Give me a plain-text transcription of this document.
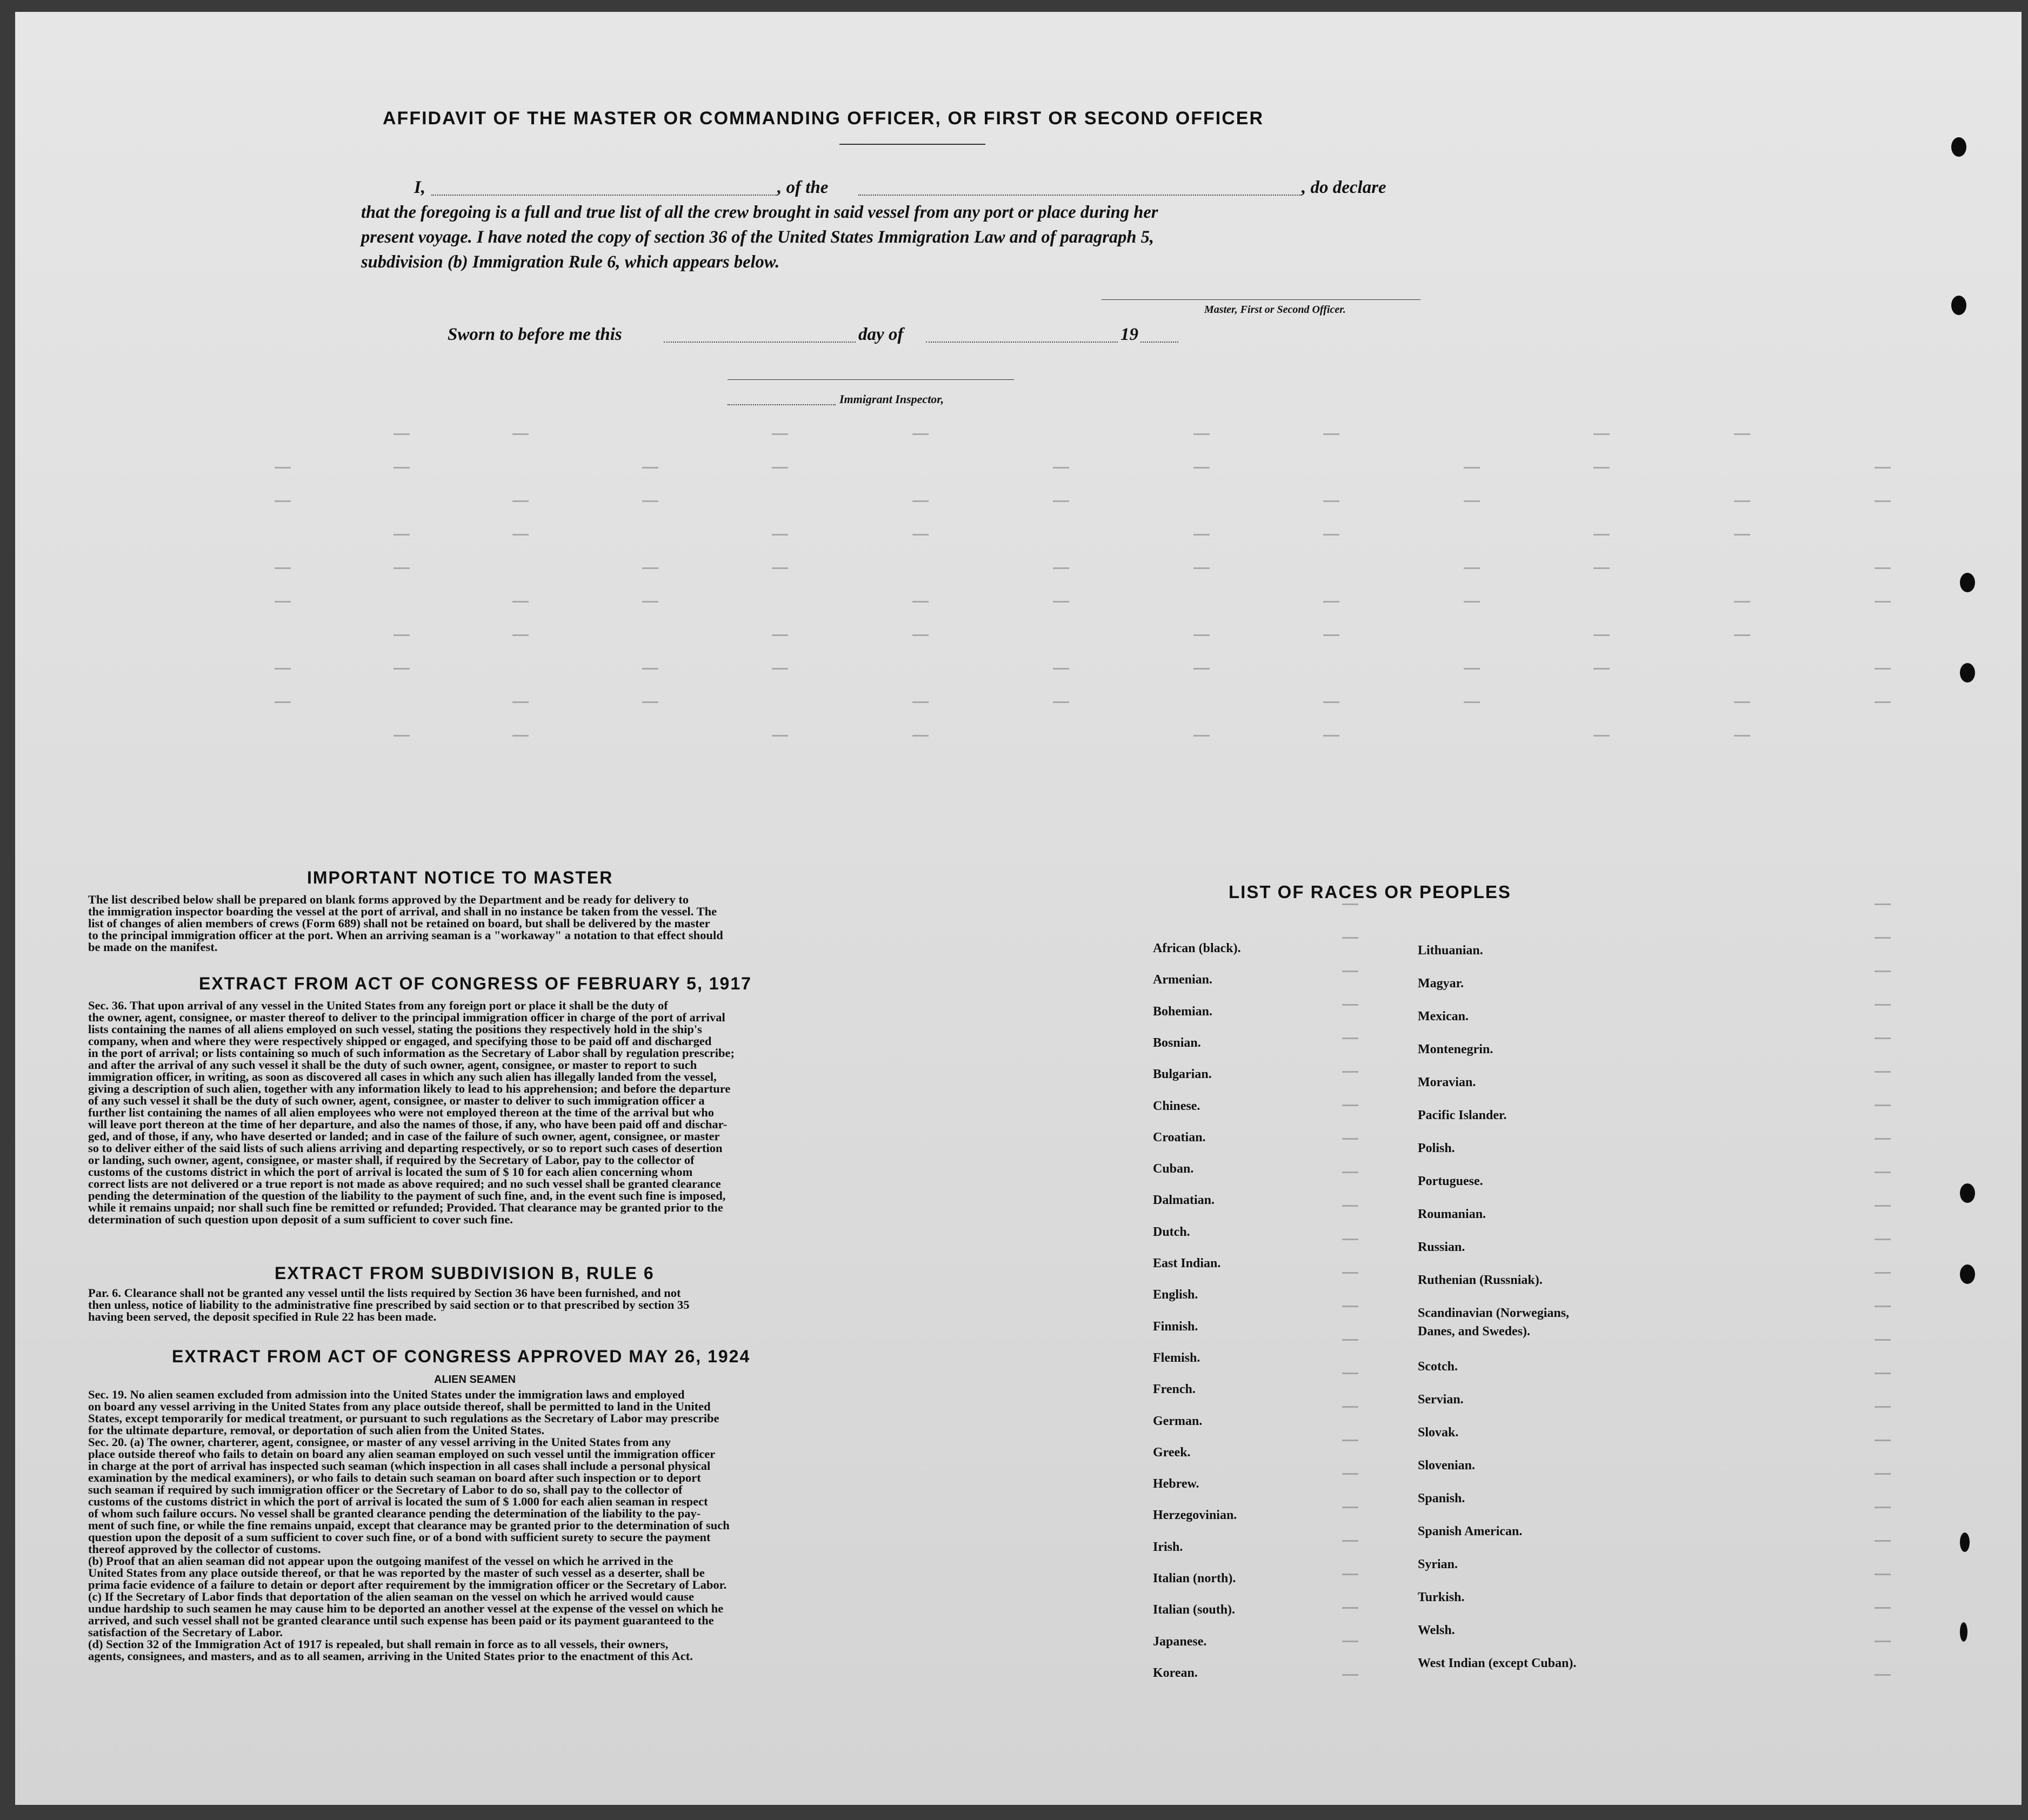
AFFIDAVIT OF THE MASTER OR COMMANDING OFFICER, OR FIRST OR SECOND OFFICER
I,	, of the	, do declare
that the foregoing is a full and true list of all the crew brought in said vessel from any port or place during her
present voyage. I have noted the copy of section 36 of the United States Immigration Law and of paragraph 5,
subdivision (b) Immigration Rule 6, which appears below.
Master, First or Second Officer.
Sworn to before me this	day of	19
Immigrant Inspector,
IMPORTANT NOTICE TO MASTER
The list described below shall be prepared on blank forms approved by the Department and be ready for delivery to
the immigration inspector boarding the vessel at the port of arrival, and shall in no instance be taken from the vessel. The
list of changes of alien members of crews (Form 689) shall not be retained on board, but shall be delivered by the master
to the principal immigration officer at the port. When an arriving seaman is a "workaway" a notation to that effect should
be made on the manifest.
EXTRACT FROM ACT OF CONGRESS OF FEBRUARY 5, 1917
Sec. 36. That upon arrival of any vessel in the United States from any foreign port or place it shall be the duty of
the owner, agent, consignee, or master thereof to deliver to the principal immigration officer in charge of the port of arrival
lists containing the names of all aliens employed on such vessel, stating the positions they respectively hold in the ship's
company, when and where they were respectively shipped or engaged, and specifying those to be paid off and discharged
in the port of arrival; or lists containing so much of such information as the Secretary of Labor shall by regulation prescribe;
and after the arrival of any such vessel it shall be the duty of such owner, agent, consignee, or master to report to such
immigration officer, in writing, as soon as discovered all cases in which any such alien has illegally landed from the vessel,
giving a description of such alien, together with any information likely to lead to his apprehension; and before the departure
of any such vessel it shall be the duty of such owner, agent, consignee, or master to deliver to such immigration officer a
further list containing the names of all alien employees who were not employed thereon at the time of the arrival but who
will leave port thereon at the time of her departure, and also the names of those, if any, who have been paid off and dischar-
ged, and of those, if any, who have deserted or landed; and in case of the failure of such owner, agent, consignee, or master
so to deliver either of the said lists of such aliens arriving and departing respectively, or so to report such cases of desertion
or landing, such owner, agent, consignee, or master shall, if required by the Secretary of Labor, pay to the collector of
customs of the customs district in which the port of arrival is located the sum of $ 10 for each alien concerning whom
correct lists are not delivered or a true report is not made as above required; and no such vessel shall be granted clearance
pending the determination of the question of the liability to the payment of such fine, and, in the event such fine is imposed,
while it remains unpaid; nor shall such fine be remitted or refunded; Provided. That clearance may be granted prior to the
determination of such question upon deposit of a sum sufficient to cover such fine.
EXTRACT FROM SUBDIVISION B, RULE 6
Par. 6. Clearance shall not be granted any vessel until the lists required by Section 36 have been furnished, and not
then unless, notice of liability to the administrative fine prescribed by said section or to that prescribed by section 35
having been served, the deposit specified in Rule 22 has been made.
EXTRACT FROM ACT OF CONGRESS APPROVED MAY 26, 1924
ALIEN SEAMEN
Sec. 19. No alien seamen excluded from admission into the United States under the immigration laws and employed
on board any vessel arriving in the United States from any place outside thereof, shall be permitted to land in the United
States, except temporarily for medical treatment, or pursuant to such regulations as the Secretary of Labor may prescribe
for the ultimate departure, removal, or deportation of such alien from the United States.
Sec. 20. (a) The owner, charterer, agent, consignee, or master of any vessel arriving in the United States from any
place outside thereof who fails to detain on board any alien seaman employed on such vessel until the immigration officer
in charge at the port of arrival has inspected such seaman (which inspection in all cases shall include a personal physical
examination by the medical examiners), or who fails to detain such seaman on board after such inspection or to deport
such seaman if required by such immigration officer or the Secretary of Labor to do so, shall pay to the collector of
customs of the customs district in which the port of arrival is located the sum of $ 1.000 for each alien seaman in respect
of whom such failure occurs. No vessel shall be granted clearance pending the determination of the liability to the pay-
ment of such fine, or while the fine remains unpaid, except that clearance may be granted prior to the determination of such
question upon the deposit of a sum sufficient to cover such fine, or of a bond with sufficient surety to secure the payment
thereof approved by the collector of customs.
(b) Proof that an alien seaman did not appear upon the outgoing manifest of the vessel on which he arrived in the
United States from any place outside thereof, or that he was reported by the master of such vessel as a deserter, shall be
prima facie evidence of a failure to detain or deport after requirement by the immigration officer or the Secretary of Labor.
(c) If the Secretary of Labor finds that deportation of the alien seaman on the vessel on which he arrived would cause
undue hardship to such seamen he may cause him to be deported an another vessel at the expense of the vessel on which he
arrived, and such vessel shall not be granted clearance until such expense has been paid or its payment guaranteed to the
satisfaction of the Secretary of Labor.
(d) Section 32 of the Immigration Act of 1917 is repealed, but shall remain in force as to all vessels, their owners,
agents, consignees, and masters, and as to all seamen, arriving in the United States prior to the enactment of this Act.
LIST OF RACES OR PEOPLES
African (black).
Armenian.
Bohemian.
Bosnian.
Bulgarian.
Chinese.
Croatian.
Cuban.
Dalmatian.
Dutch.
East Indian.
English.
Finnish.
Flemish.
French.
German.
Greek.
Hebrew.
Herzegovinian.
Irish.
Italian (north).
Italian (south).
Japanese.
Korean.
Lithuanian.
Magyar.
Mexican.
Montenegrin.
Moravian.
Pacific Islander.
Polish.
Portuguese.
Roumanian.
Russian.
Ruthenian (Russniak).
Scandinavian (Norwegians,
Danes, and Swedes).
Scotch.
Servian.
Slovak.
Slovenian.
Spanish.
Spanish American.
Syrian.
Turkish.
Welsh.
West Indian (except Cuban).
